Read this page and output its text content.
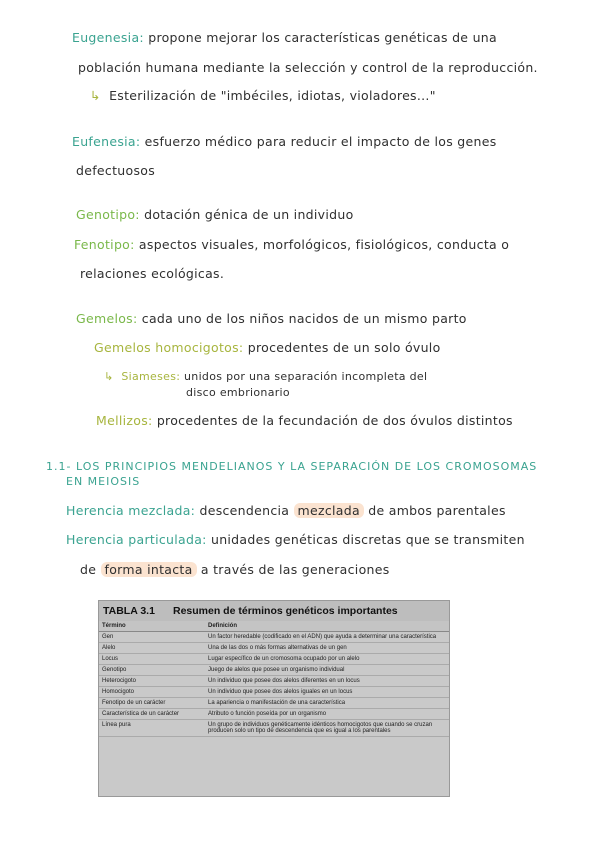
Eugenesia: propone mejorar los características genéticas de una
población humana mediante la selección y control de la reproducción.
↳ Esterilización de "imbéciles, idiotas, violadores..."
Eufenesia: esfuerzo médico para reducir el impacto de los genes
defectuosos
Genotipo: dotación génica de un individuo
Fenotipo: aspectos visuales, morfológicos, fisiológicos, conducta o
relaciones ecológicas.
Gemelos: cada uno de los niños nacidos de un mismo parto
Gemelos homocigotos: procedentes de un solo óvulo
↳ Siameses: unidos por una separación incompleta del
disco embrionario
Mellizos: procedentes de la fecundación de dos óvulos distintos
1.1- LOS PRINCIPIOS MENDELIANOS Y LA SEPARACIÓN DE LOS CROMOSOMAS
EN MEIOSIS
Herencia mezclada: descendencia mezclada de ambos parentales
Herencia particulada: unidades genéticas discretas que se transmiten
de forma intacta a través de las generaciones
TABLA 3.1	Resumen de términos genéticos importantes
Término	Definición
Gen	Un factor heredable (codificado en el ADN) que ayuda a determinar una característica
Alelo	Una de las dos o más formas alternativas de un gen
Locus	Lugar específico de un cromosoma ocupado por un alelo
Genotipo	Juego de alelos que posee un organismo individual
Heterocigoto	Un individuo que posee dos alelos diferentes en un locus
Homocigoto	Un individuo que posee dos alelos iguales en un locus
Fenotipo de un carácter	La apariencia o manifestación de una característica
Característica de un carácter	Atributo o función poseída por un organismo
Línea pura	Un grupo de individuos genéticamente idénticos homocigotos que cuando se cruzan producen solo un tipo de descendencia que es igual a los parentales
